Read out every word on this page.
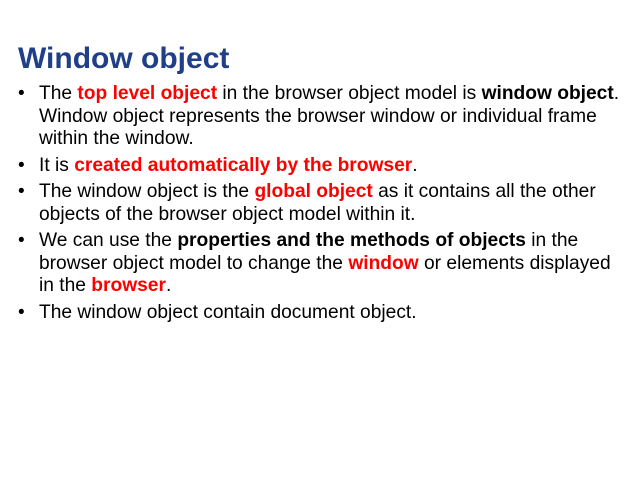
Window object
• The top level object in the browser object model is window object. Window object represents the browser window or individual frame within the window.
• It is created automatically by the browser.
• The window object is the global object as it contains all the other objects of the browser object model within it.
• We can use the properties and the methods of objects in the browser object model to change the window or elements displayed in the browser.
• The window object contain document object.
